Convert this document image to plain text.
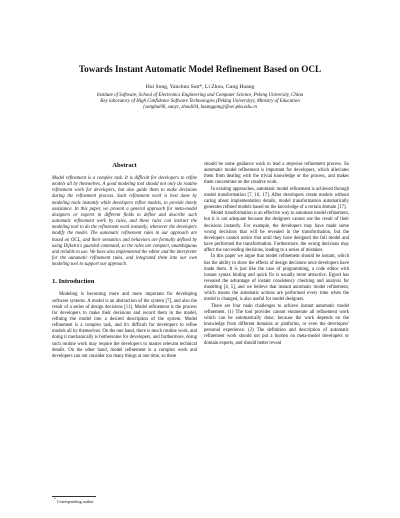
Towards Instant Automatic Model Refinement Based on OCL
Hui Song, Yanchun Sun*, Li Zhou, Gang Huang
Institute of Software, School of Electronics Engineering and Computer Science, Peking University, China
Key laboratory of High Confidence Software Technologies (Peking University), Ministry of Education
{songhui06, sunyc, zhouli04, huanggang}@sei.pku.edu.cn
Abstract

Model refinement is a complex task. It is difficult for developers to refine models all by themselves. A good modeling tool should not only do routine refinement work for developers, but also guide them to make decisions during the refinement process. Such refinement work is best done by modeling tools instantly while developers refine models, to provide timely assistance. In this paper, we present a general approach for meta-model designers or experts in different fields to define and describe such automatic refinement work by rules, and these rules can instruct the modeling tool to do the refinement work instantly, whenever the developers modify the model. The automatic refinement rules in our approach are based on OCL, and their semantics and behaviors are formally defined by using Dijkstra's guarded command, so the rules are compact, unambiguous and reliable to use. We have also implemented the editor and the interpreter for the automatic refinement rules, and integrated them into our own modeling tool to support our approach.

1. Introduction

Modeling is becoming more and more important for developing software systems. A model is an abstraction of the system [7], and also the result of a series of design decisions [11]. Model refinement is the process for developers to make their decisions and record them in the model, refining the model into a desired description of the system. Model refinement is a complex task, and it's difficult for developers to refine models all by themselves. On the one hand, there is much routine work, and doing it mechanically is bothersome for developers, and furthermore, doing such routine work may require the developers to master relevant technical details. On the other hand, model refinement is a complex work and developers can not consider too many things at one time, so there

should be some guidance work to lead a stepwise refinement process. So automatic model refinement is important for developers, which alleviates them from dealing with the trivial knowledge or the process, and makes them concentrate on the creative work.

In existing approaches, automatic model refinement is achieved through model transformation [7, 16, 17]. After developers create models without caring about implementation details, model transformation automatically generates refined models based on the knowledge of a certain domain [17].

Model transformation is an effective way to automate model refinement, but it is not adequate because the designers cannot see the result of their decisions instantly. For example, the developers may have made some wrong decisions that will be revealed in the transformation, but the developers cannot notice that until they have designed the full model and have performed the transformation. Furthermore, the wrong decisions may affect the succeeding decisions, leading to a series of mistakes.

In this paper we argue that model refinement should be instant, which has the ability to show the effects of design decisions once developers have made them. It is just like the case of programming, a code editor with instant syntax hinting and quick fix is usually more attractive. Egyed has revealed the advantage of instant consistency checking and analysis for modeling [4, 5], and we believe that instant automatic model refinement, which means the automatic actions are performed every time when the model is changed, is also useful for model designers.

There are four main challenges to achieve instant automatic model refinement. (1) The tool provider cannot enumerate all refinement work which can be automatically done, because the work depends on the knowledge from different domains or platforms, or even the developers' personal experience. (2) The definition and description of automatic refinement work should not put a burden on meta-model developers or domain experts, and should better reveal

* Corresponding author
